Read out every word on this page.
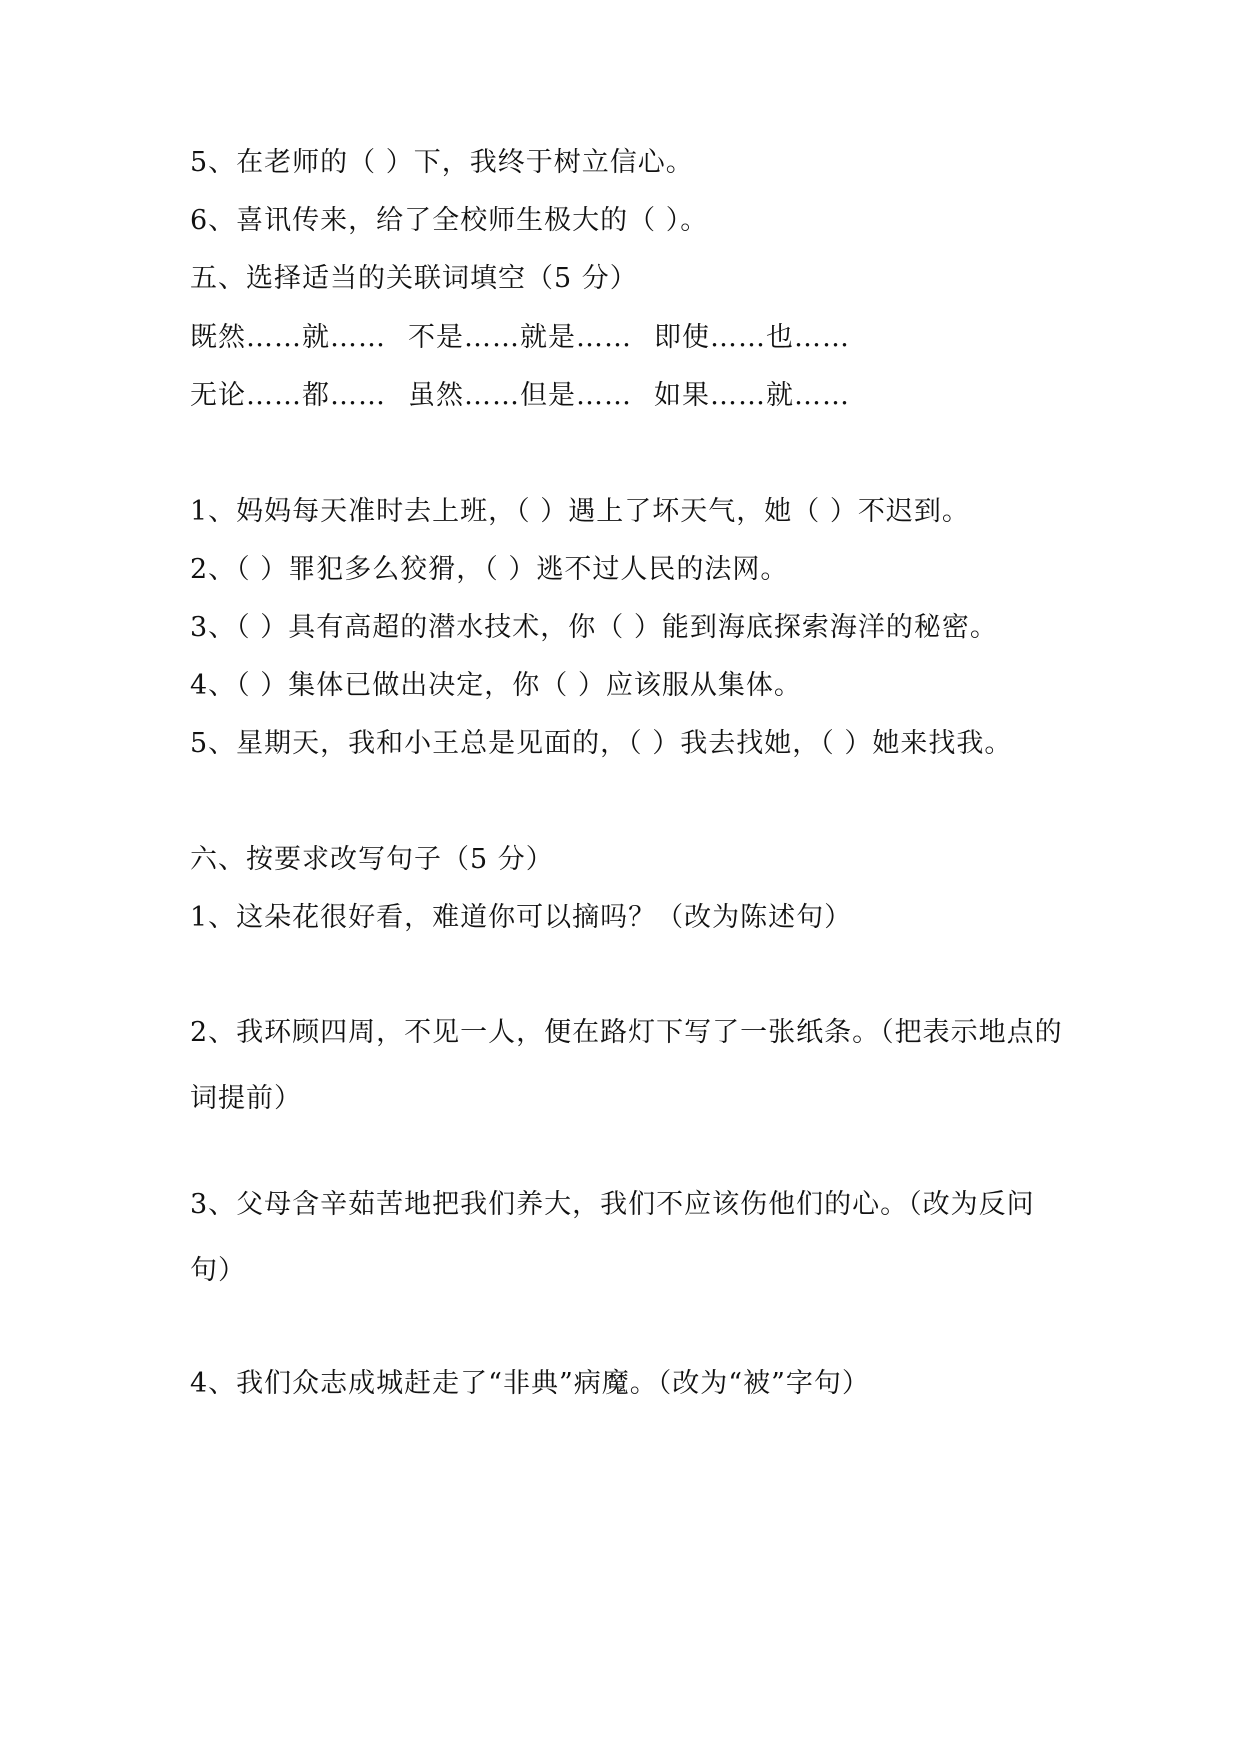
5、在老师的（ ）下，我终于树立信心。
6、喜讯传来，给了全校师生极大的（ ）。
五、选择适当的关联词填空（5 分）
既然……就…… 不是……就是…… 即使……也……
无论……都…… 虽然……但是…… 如果……就……
1、妈妈每天准时去上班，（ ）遇上了坏天气，她（ ）不迟到。
2、（ ）罪犯多么狡猾，（ ）逃不过人民的法网。
3、（ ）具有高超的潜水技术，你（ ）能到海底探索海洋的秘密。
4、（ ）集体已做出决定，你（ ）应该服从集体。
5、星期天，我和小王总是见面的，（ ）我去找她，（ ）她来找我。
六、按要求改写句子（5 分）
1、这朵花很好看，难道你可以摘吗？（改为陈述句）
2、我环顾四周，不见一人，便在路灯下写了一张纸条。（把表示地点的词提前）
3、父母含辛茹苦地把我们养大，我们不应该伤他们的心。（改为反问句）
4、我们众志成城赶走了“非典”病魔。（改为“被”字句）
